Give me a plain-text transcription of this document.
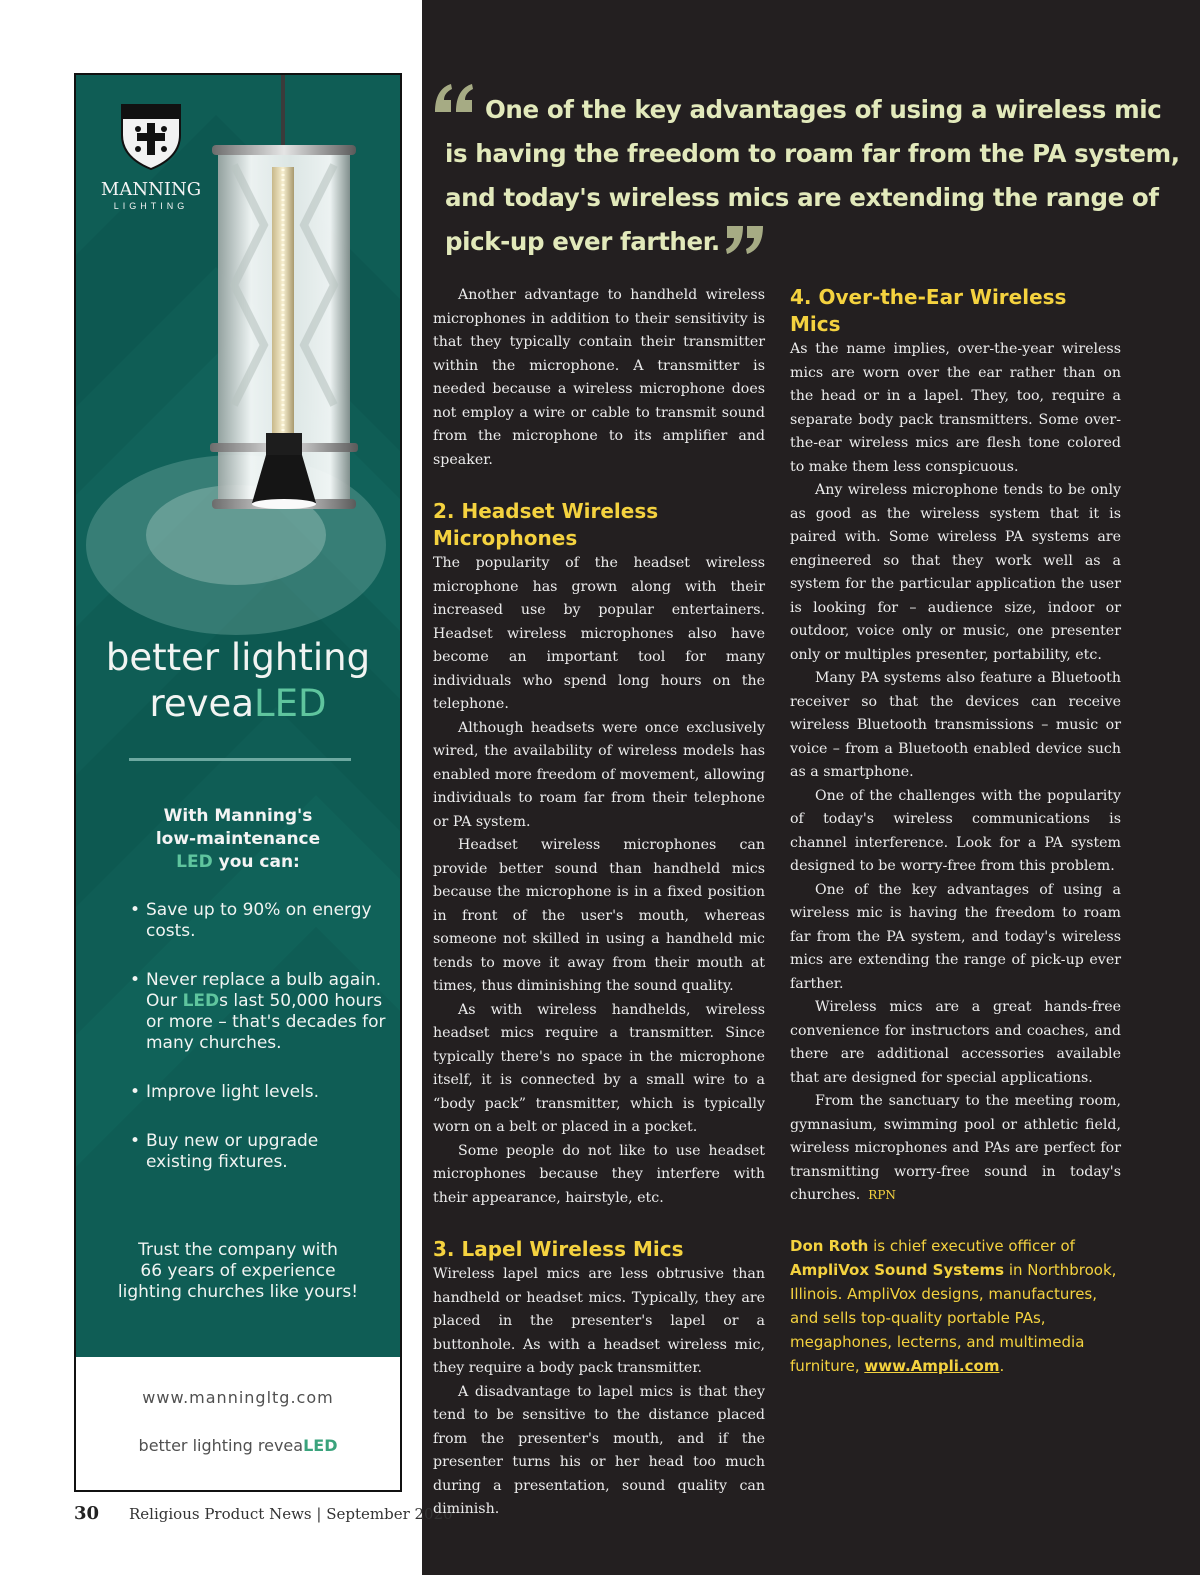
MANNING
LIGHTING
better lighting
reveaLED
With Manning's
low-maintenance
LED you can:
• Save up to 90% on energy costs.
• Never replace a bulb again. Our LEDs last 50,000 hours or more – that's decades for many churches.
• Improve light levels.
• Buy new or upgrade existing fixtures.
Trust the company with
66 years of experience
lighting churches like yours!
www.manningltg.com
better lighting reveaLED
30 Religious Product News | September 2020
One of the key advantages of using a wireless mic
is having the freedom to roam far from the PA system,
and today's wireless mics are extending the range of
pick-up ever farther.

Another advantage to handheld wireless microphones in addition to their sensitivity is that they typically contain their transmitter within the microphone. A transmitter is needed because a wireless microphone does not employ a wire or cable to transmit sound from the microphone to its amplifier and speaker.

2. Headset Wireless Microphones

The popularity of the headset wireless microphone has grown along with their increased use by popular entertainers. Headset wireless microphones also have become an important tool for many individuals who spend long hours on the telephone.

Although headsets were once exclusively wired, the availability of wireless models has enabled more freedom of movement, allowing individuals to roam far from their telephone or PA system.

Headset wireless microphones can provide better sound than handheld mics because the microphone is in a fixed position in front of the user's mouth, whereas someone not skilled in using a handheld mic tends to move it away from their mouth at times, thus diminishing the sound quality.

As with wireless handhelds, wireless headset mics require a transmitter. Since typically there's no space in the microphone itself, it is connected by a small wire to a “body pack” transmitter, which is typically worn on a belt or placed in a pocket.

Some people do not like to use headset microphones because they interfere with their appearance, hairstyle, etc.

3. Lapel Wireless Mics

Wireless lapel mics are less obtrusive than handheld or headset mics. Typically, they are placed in the presenter's lapel or a buttonhole. As with a headset wireless mic, they require a body pack transmitter.

A disadvantage to lapel mics is that they tend to be sensitive to the distance placed from the presenter's mouth, and if the presenter turns his or her head too much during a presentation, sound quality can diminish.

4. Over-the-Ear Wireless Mics

As the name implies, over-the-year wireless mics are worn over the ear rather than on the head or in a lapel. They, too, require a separate body pack transmitters. Some over-the-ear wireless mics are flesh tone colored to make them less conspicuous.

Any wireless microphone tends to be only as good as the wireless system that it is paired with. Some wireless PA systems are engineered so that they work well as a system for the particular application the user is looking for – audience size, indoor or outdoor, voice only or music, one presenter only or multiples presenter, portability, etc.

Many PA systems also feature a Bluetooth receiver so that the devices can receive wireless Bluetooth transmissions – music or voice – from a Bluetooth enabled device such as a smartphone.

One of the challenges with the popularity of today's wireless communications is channel interference. Look for a PA system designed to be worry-free from this problem.

One of the key advantages of using a wireless mic is having the freedom to roam far from the PA system, and today's wireless mics are extending the range of pick-up ever farther.

Wireless mics are a great hands-free convenience for instructors and coaches, and there are additional accessories available that are designed for special applications.

From the sanctuary to the meeting room, gymnasium, swimming pool or athletic field, wireless microphones and PAs are perfect for transmitting worry-free sound in today's churches. RPN

Don Roth is chief executive officer of AmpliVox Sound Systems in Northbrook, Illinois. AmpliVox designs, manufactures, and sells top-quality portable PAs, megaphones, lecterns, and multimedia furniture, www.Ampli.com.
